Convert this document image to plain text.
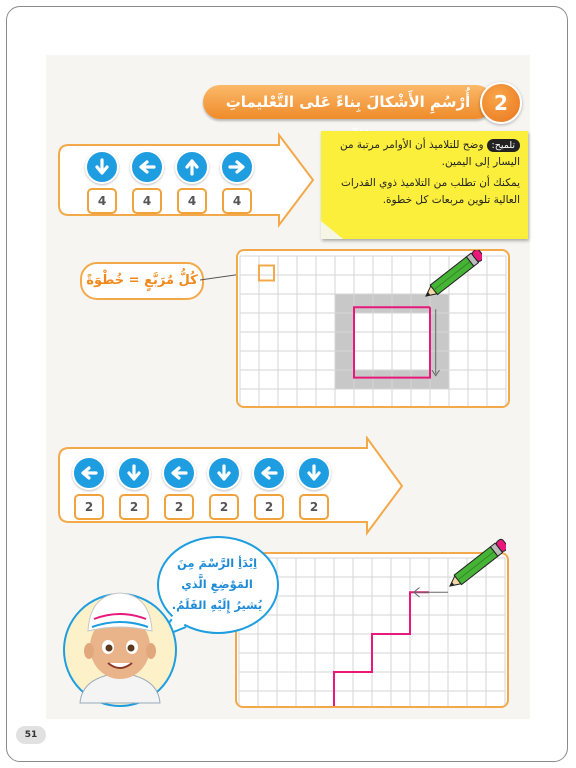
أُرْسُمِ الأَشْكالَ بِناءً عَلى التَّعْليماتِ	2
4	4	4	4

تلميح:وضح للتلاميذ أن الأوامر مرتبة من اليسار إلى اليمين.

يمكنك أن تطلب من التلاميذ ذوي القدرات العالية تلوين مربعات كل خطوة.

كُلُّ مُرَبَّعٍ = خُطْوَةً
2	2	2	2	2	2
اِبْدَأِ الرَّسْمَ مِنَ المَوْضِعِ الَّذي يُشيرُ إِلَيْهِ القَلَمُ.
51
